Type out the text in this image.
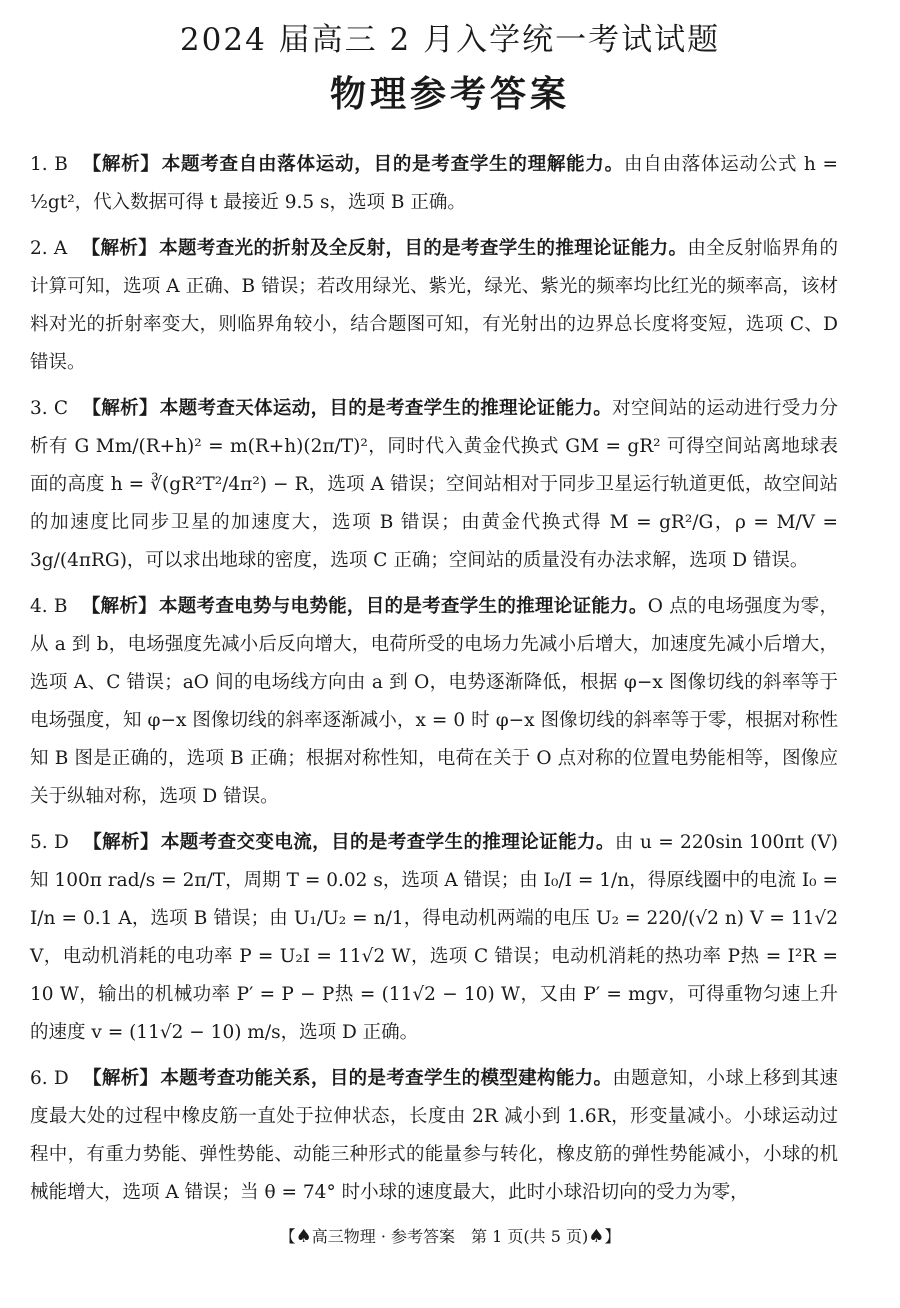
2024 届高三 2 月入学统一考试试题
物理参考答案

1. B 【解析】 本题考查自由落体运动，目的是考查学生的理解能力。由自由落体运动公式 h = ½gt²，代入数据可得 t 最接近 9.5 s，选项 B 正确。

2. A 【解析】 本题考查光的折射及全反射，目的是考查学生的推理论证能力。由全反射临界角的计算可知，选项 A 正确、B 错误；若改用绿光、紫光，绿光、紫光的频率均比红光的频率高，该材料对光的折射率变大，则临界角较小，结合题图可知，有光射出的边界总长度将变短，选项 C、D 错误。

3. C 【解析】 本题考查天体运动，目的是考查学生的推理论证能力。对空间站的运动进行受力分析有 G Mm/(R+h)² = m(R+h)(2π/T)²，同时代入黄金代换式 GM = gR² 可得空间站离地球表面的高度 h = ∛(gR²T²/4π²) − R，选项 A 错误；空间站相对于同步卫星运行轨道更低，故空间站的加速度比同步卫星的加速度大，选项 B 错误；由黄金代换式得 M = gR²/G，ρ = M/V = 3g/(4πRG)，可以求出地球的密度，选项 C 正确；空间站的质量没有办法求解，选项 D 错误。

4. B 【解析】 本题考查电势与电势能，目的是考查学生的推理论证能力。O 点的电场强度为零，从 a 到 b，电场强度先减小后反向增大，电荷所受的电场力先减小后增大，加速度先减小后增大，选项 A、C 错误；aO 间的电场线方向由 a 到 O，电势逐渐降低，根据 φ−x 图像切线的斜率等于电场强度，知 φ−x 图像切线的斜率逐渐减小，x = 0 时 φ−x 图像切线的斜率等于零，根据对称性知 B 图是正确的，选项 B 正确；根据对称性知，电荷在关于 O 点对称的位置电势能相等，图像应关于纵轴对称，选项 D 错误。

5. D 【解析】 本题考查交变电流，目的是考查学生的推理论证能力。由 u = 220sin 100πt (V) 知 100π rad/s = 2π/T，周期 T = 0.02 s，选项 A 错误；由 I₀/I = 1/n，得原线圈中的电流 I₀ = I/n = 0.1 A，选项 B 错误；由 U₁/U₂ = n/1，得电动机两端的电压 U₂ = 220/(√2 n) V = 11√2 V，电动机消耗的电功率 P = U₂I = 11√2 W，选项 C 错误；电动机消耗的热功率 P热 = I²R = 10 W，输出的机械功率 P′ = P − P热 = (11√2 − 10) W，又由 P′ = mgv，可得重物匀速上升的速度 v = (11√2 − 10) m/s，选项 D 正确。

6. D 【解析】 本题考查功能关系，目的是考查学生的模型建构能力。由题意知，小球上移到其速度最大处的过程中橡皮筋一直处于拉伸状态，长度由 2R 减小到 1.6R，形变量减小。小球运动过程中，有重力势能、弹性势能、动能三种形式的能量参与转化，橡皮筋的弹性势能减小，小球的机械能增大，选项 A 错误；当 θ = 74° 时小球的速度最大，此时小球沿切向的受力为零，

【♠高三物理 · 参考答案　第 1 页(共 5 页)♠】
